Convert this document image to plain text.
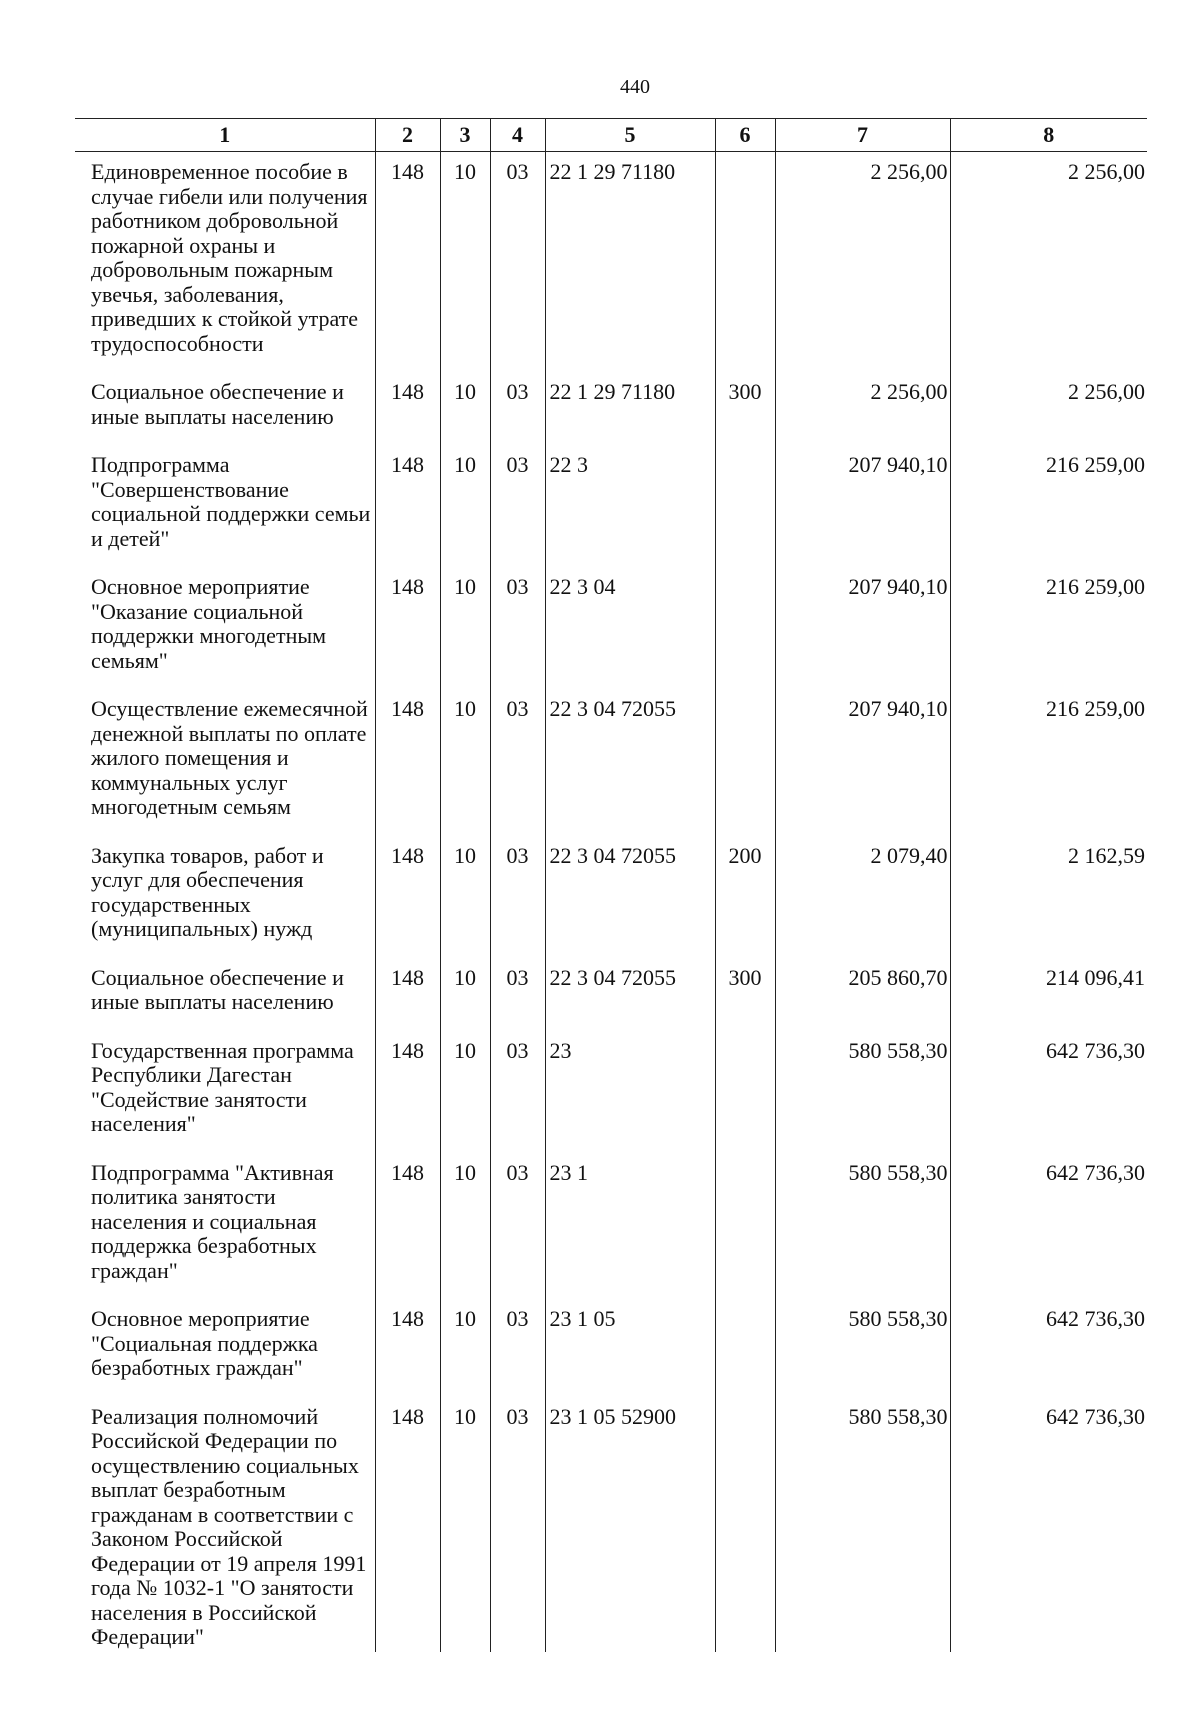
440
1	2	3	4	5	6	7	8
Единовременное пособие в случае гибели или получения работником добровольной пожарной охраны и добровольным пожарным увечья, заболевания, приведших к стойкой утрате трудоспособности	148	10	03	22 1 29 71180		2 256,00	2 256,00
Социальное обеспечение и иные выплаты населению	148	10	03	22 1 29 71180	300	2 256,00	2 256,00
Подпрограмма "Совершенствование социальной поддержки семьи и детей"	148	10	03	22 3		207 940,10	216 259,00
Основное мероприятие "Оказание социальной поддержки многодетным семьям"	148	10	03	22 3 04		207 940,10	216 259,00
Осуществление ежемесячной денежной выплаты по оплате жилого помещения и коммунальных услуг многодетным семьям	148	10	03	22 3 04 72055		207 940,10	216 259,00
Закупка товаров, работ и услуг для обеспечения государственных (муниципальных) нужд	148	10	03	22 3 04 72055	200	2 079,40	2 162,59
Социальное обеспечение и иные выплаты населению	148	10	03	22 3 04 72055	300	205 860,70	214 096,41
Государственная программа Республики Дагестан "Содействие занятости населения"	148	10	03	23		580 558,30	642 736,30
Подпрограмма "Активная политика занятости населения и социальная поддержка безработных граждан"	148	10	03	23 1		580 558,30	642 736,30
Основное мероприятие "Социальная поддержка безработных граждан"	148	10	03	23 1 05		580 558,30	642 736,30
Реализация полномочий Российской Федерации по осуществлению социальных выплат безработным гражданам в соответствии с Законом Российской Федерации от 19 апреля 1991 года № 1032-1 "О занятости населения в Российской Федерации"	148	10	03	23 1 05 52900		580 558,30	642 736,30
